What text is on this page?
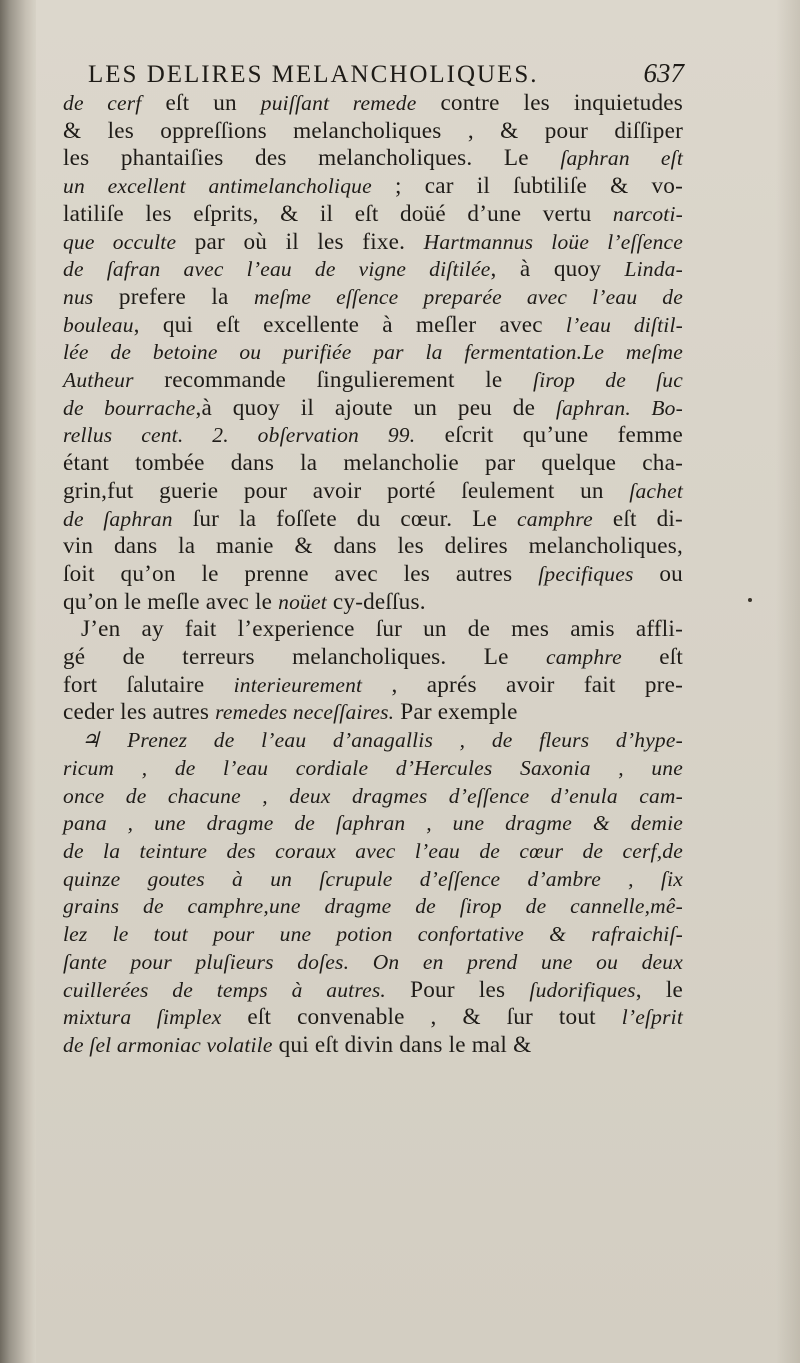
LES DELIRES MELANCHOLIQUES.	637
de cerf eſt un puiſſant remede contre les inquietudes
& les oppreſſions melancholiques , & pour diſſiper
les phantaiſies des melancholiques. Le ſaphran eſt
un excellent antimelancholique ; car il ſubtiliſe & vo-
latiliſe les eſprits, & il eſt doüé d’une vertu narcoti-
que occulte par où il les fixe. Hartmannus loüe l’eſſence
de ſafran avec l’eau de vigne diſtilée, à quoy Linda-
nus prefere la meſme eſſence preparée avec l’eau de
bouleau, qui eſt excellente à meſler avec l’eau diſtil-
lée de betoine ou purifiée par la fermentation.Le meſme
Autheur recommande ſingulierement le ſirop de ſuc
de bourrache,à quoy il ajoute un peu de ſaphran. Bo-
rellus cent. 2. obſervation 99. eſcrit qu’une femme
étant tombée dans la melancholie par quelque cha-
grin,fut guerie pour avoir porté ſeulement un ſachet
de ſaphran ſur la foſſete du cœur. Le camphre eſt di-
vin dans la manie & dans les delires melancholiques,
ſoit qu’on le prenne avec les autres ſpecifiques ou
qu’on le meſle avec le noüet cy-deſſus.
J’en ay fait l’experience ſur un de mes amis affli-
gé de terreurs melancholiques. Le camphre eſt
fort ſalutaire interieurement , aprés avoir fait pre-
ceder les autres remedes neceſſaires. Par exemple
♃ Prenez de l’eau d’anagallis , de fleurs d’hype-
ricum , de l’eau cordiale d’Hercules Saxonia , une
once de chacune , deux dragmes d’eſſence d’enula cam-
pana , une dragme de ſaphran , une dragme & demie
de la teinture des coraux avec l’eau de cœur de cerf,de
quinze goutes à un ſcrupule d’eſſence d’ambre , ſix
grains de camphre,une dragme de ſirop de cannelle,mê-
lez le tout pour une potion confortative & rafraichiſ-
ſante pour pluſieurs doſes. On en prend une ou deux
cuillerées de temps à autres. Pour les ſudorifiques, le
mixtura ſimplex eſt convenable , & ſur tout l’eſprit
de ſel armoniac volatile qui eſt divin dans le mal &
